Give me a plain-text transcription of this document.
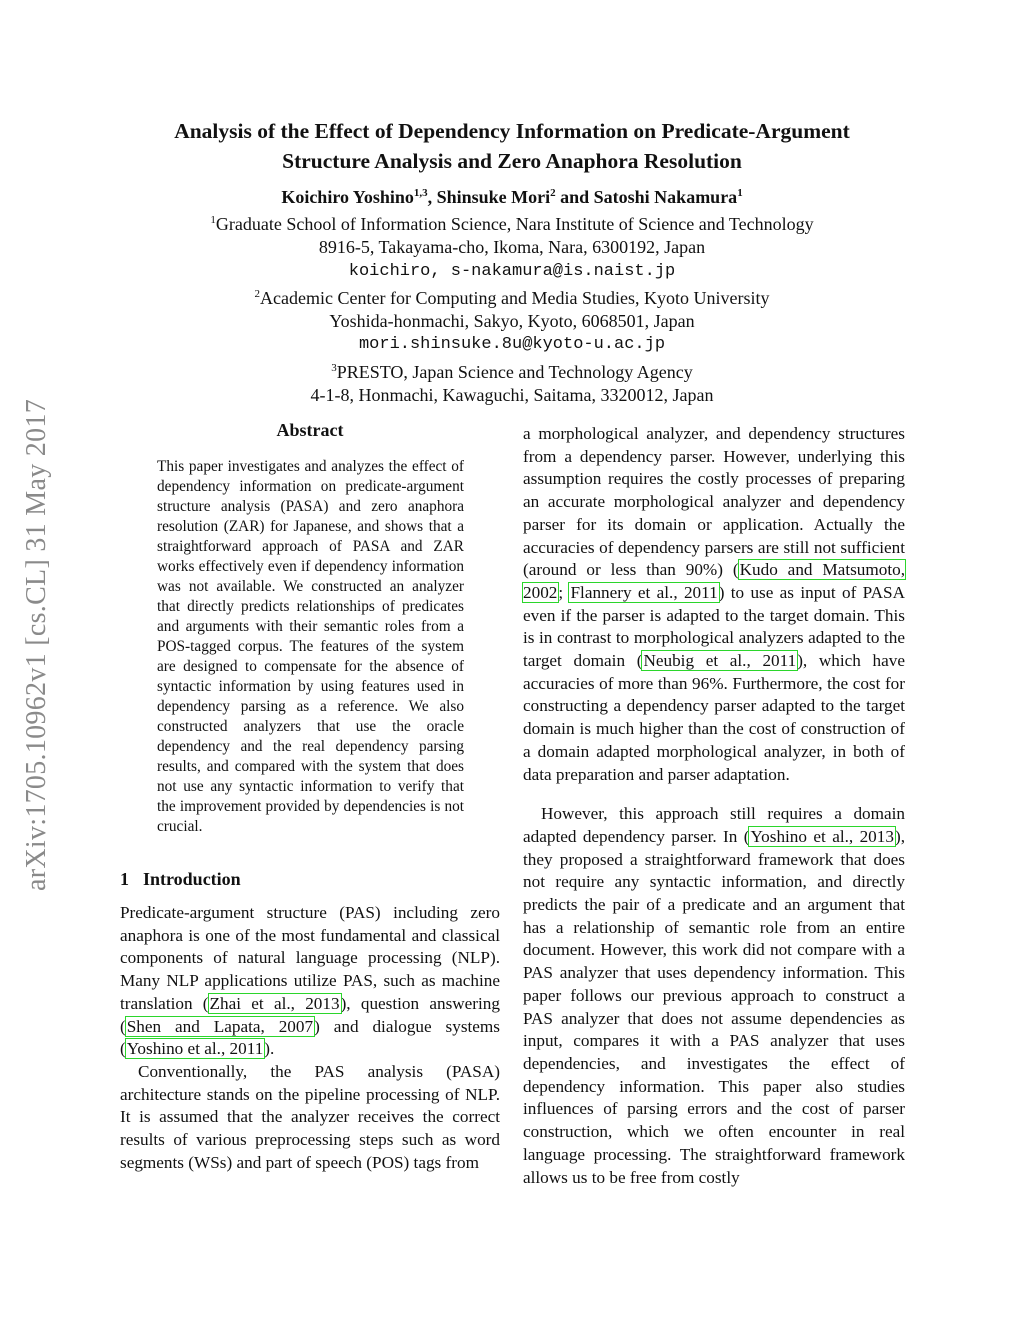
arXiv:1705.10962v1 [cs.CL] 31 May 2017
Analysis of the Effect of Dependency Information on Predicate-Argument
Structure Analysis and Zero Anaphora Resolution
Koichiro Yoshino$^{1,3}$, Shinsuke Mori$^2$ and Satoshi Nakamura$^1$
$^1$Graduate School of Information Science, Nara Institute of Science and Technology
8916-5, Takayama-cho, Ikoma, Nara, 6300192, Japan
koichiro, s-nakamura@is.naist.jp
$^2$Academic Center for Computing and Media Studies, Kyoto University
Yoshida-honmachi, Sakyo, Kyoto, 6068501, Japan
mori.shinsuke.8u@kyoto-u.ac.jp
$^3$PRESTO, Japan Science and Technology Agency
4-1-8, Honmachi, Kawaguchi, Saitama, 3320012, Japan
Abstract

This paper investigates and analyzes the effect of dependency information on predicate-argument structure analysis (PASA) and zero anaphora resolution (ZAR) for Japanese, and shows that a straightforward approach of PASA and ZAR works effectively even if dependency information was not available. We constructed an analyzer that directly predicts relationships of predicates and arguments with their semantic roles from a POS-tagged corpus. The features of the system are designed to compensate for the absence of syntactic information by using features used in dependency parsing as a reference. We also constructed analyzers that use the oracle dependency and the real dependency parsing results, and compared with the system that does not use any syntactic information to verify that the improvement provided by dependencies is not crucial.

1 Introduction

Predicate-argument structure (PAS) including zero anaphora is one of the most fundamental and classical components of natural language processing (NLP). Many NLP applications utilize PAS, such as machine translation (Zhai et al., 2013), question answering (Shen and Lapata, 2007) and dialogue systems (Yoshino et al., 2011).

Conventionally, the PAS analysis (PASA) architecture stands on the pipeline processing of NLP. It is assumed that the analyzer receives the correct results of various preprocessing steps such as word segments (WSs) and part of speech (POS) tags from

a morphological analyzer, and dependency structures from a dependency parser. However, underlying this assumption requires the costly processes of preparing an accurate morphological analyzer and dependency parser for its domain or application. Actually the accuracies of dependency parsers are still not sufficient (around or less than 90%) (Kudo and Matsumoto, 2002; Flannery et al., 2011) to use as input of PASA even if the parser is adapted to the target domain. This is in contrast to morphological analyzers adapted to the target domain (Neubig et al., 2011), which have accuracies of more than 96%. Furthermore, the cost for constructing a dependency parser adapted to the target domain is much higher than the cost of construction of a domain adapted morphological analyzer, in both of data preparation and parser adaptation.

However, this approach still requires a domain adapted dependency parser. In (Yoshino et al., 2013), they proposed a straightforward framework that does not require any syntactic information, and directly predicts the pair of a predicate and an argument that has a relationship of semantic role from an entire document. However, this work did not compare with a PAS analyzer that uses dependency information. This paper follows our previous approach to construct a PAS analyzer that does not assume dependencies as input, compares it with a PAS analyzer that uses dependencies, and investigates the effect of dependency information. This paper also studies influences of parsing errors and the cost of parser construction, which we often encounter in real language processing. The straightforward framework allows us to be free from costly
